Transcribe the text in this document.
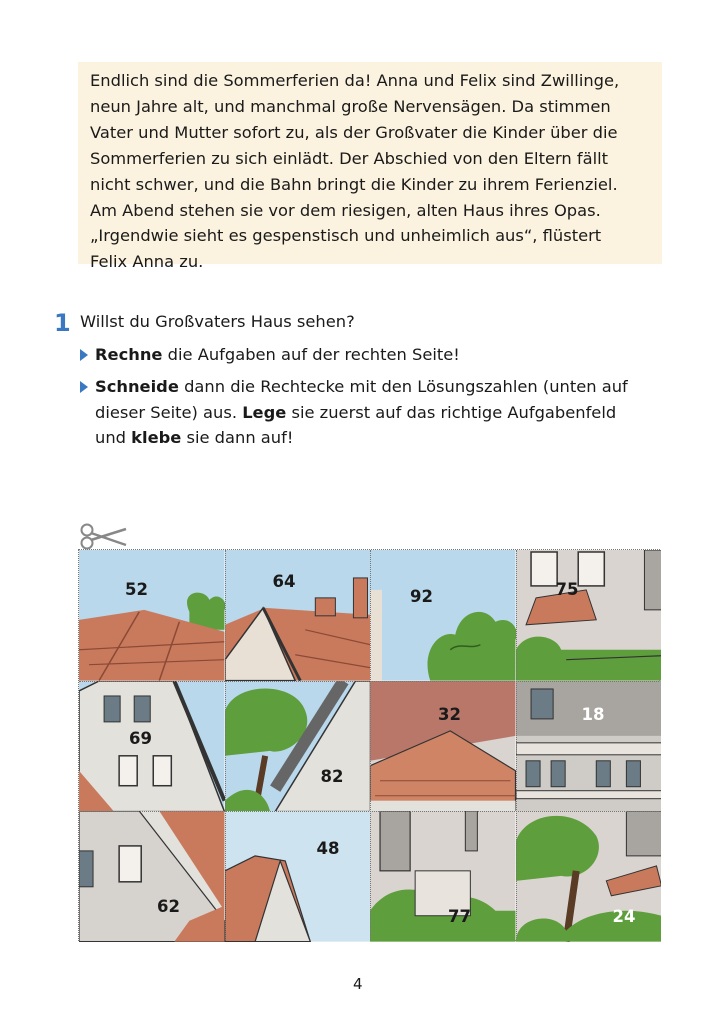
Endlich sind die Sommerferien da! Anna und Felix sind Zwillinge,
neun Jahre alt, und manchmal große Nervensägen. Da stimmen
Vater und Mutter sofort zu, als der Großvater die Kinder über die
Sommerferien zu sich einlädt. Der Abschied von den Eltern fällt
nicht schwer, und die Bahn bringt die Kinder zu ihrem Ferienziel.
Am Abend stehen sie vor dem riesigen, alten Haus ihres Opas.
„Irgendwie sieht es gespenstisch und unheimlich aus“, flüstert
Felix Anna zu.
1 Willst du Großvaters Haus sehen?
Rechne die Aufgaben auf der rechten Seite!
Schneide dann die Rechtecke mit den Lösungszahlen (unten auf
dieser Seite) aus. Lege sie zuerst auf das richtige Aufgabenfeld
und klebe sie dann auf!
52	64
92	75
69
82
32	18
62
48
77	24
4
